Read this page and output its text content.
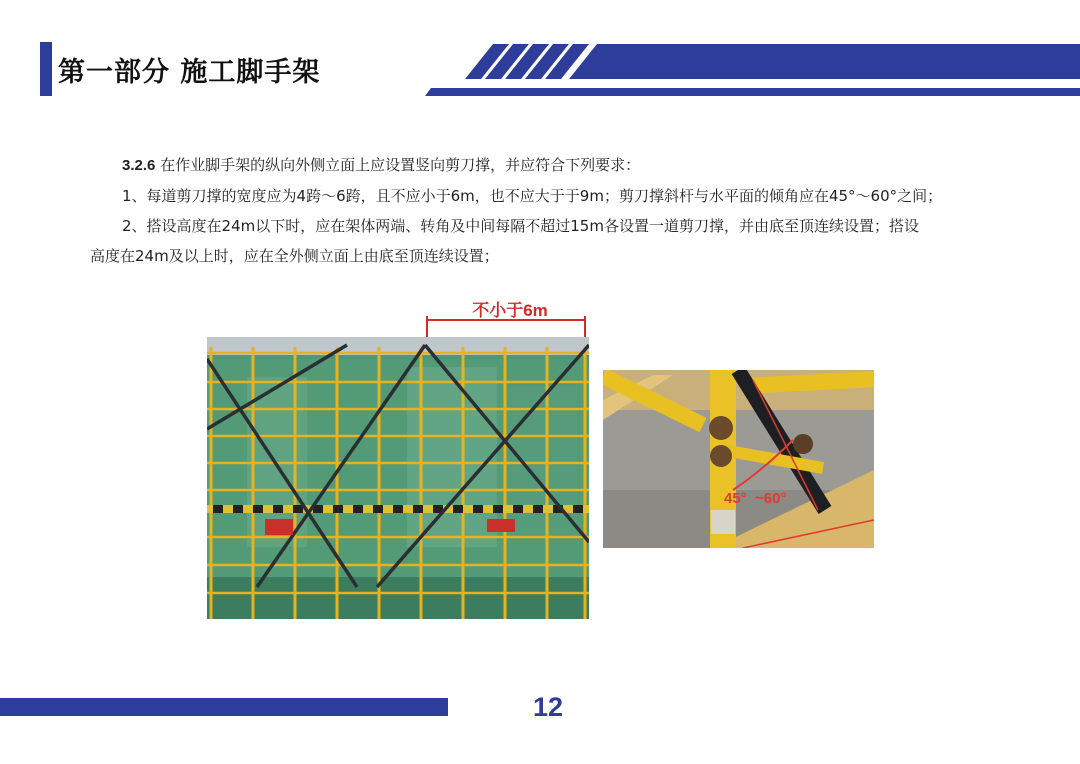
第一部分 施工脚手架

3.2.6 在作业脚手架的纵向外侧立面上应设置竖向剪刀撑，并应符合下列要求：

1、每道剪刀撑的宽度应为4跨～6跨，且不应小于6m，也不应大于于9m；剪刀撑斜杆与水平面的倾角应在45°～60°之间；

2、搭设高度在24m以下时，应在架体两端、转角及中间每隔不超过15m各设置一道剪刀撑，并由底至顶连续设置；搭设

高度在24m及以上时，应在全外侧立面上由底至顶连续设置；

不小于6m
45°  ~60°
12
